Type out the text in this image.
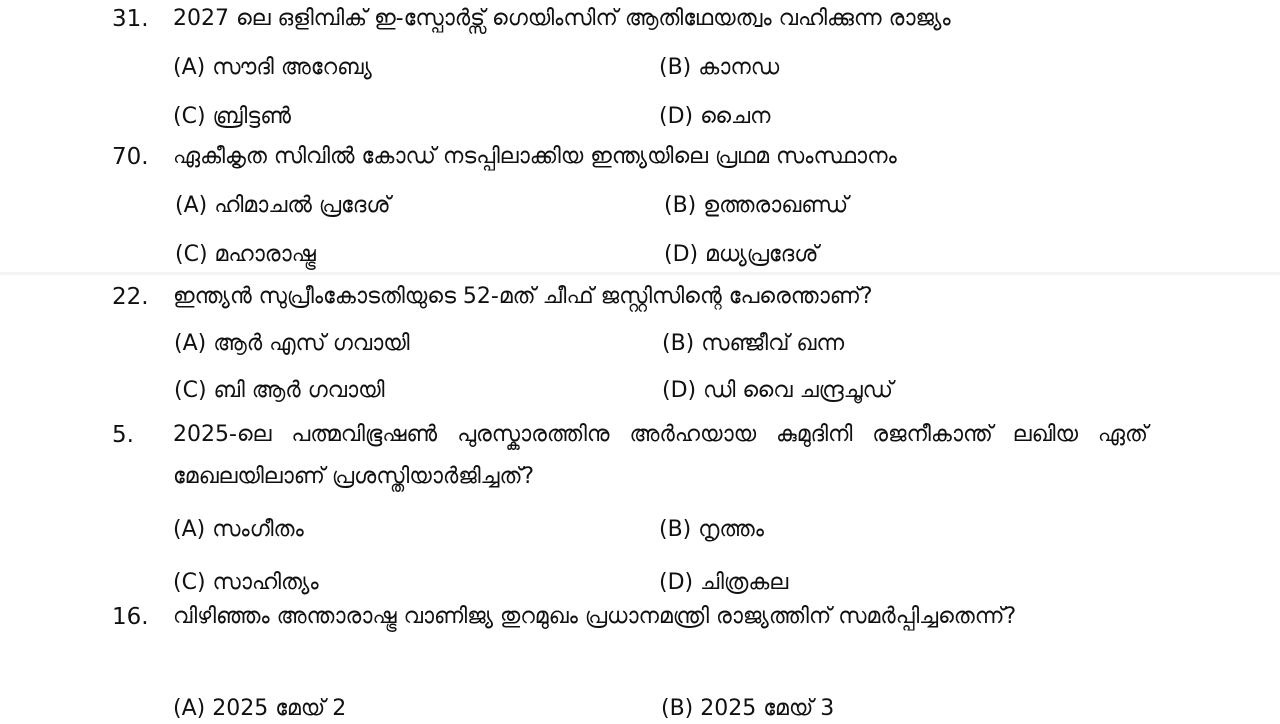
31. 2027 ലെ ഒളിമ്പിക് ഇ-സ്പോർട്സ് ഗെയിംസിന് ആതിഥേയത്വം വഹിക്കുന്ന രാജ്യം
(A) സൗദി അറേബ്യ	(B) കാനഡ
(C) ബ്രിട്ടൺ	(D) ചൈന
70. ഏകീകൃത സിവിൽ കോഡ് നടപ്പിലാക്കിയ ഇന്ത്യയിലെ പ്രഥമ സംസ്ഥാനം
(A) ഹിമാചൽ പ്രദേശ്	(B) ഉത്തരാഖണ്ഡ്
(C) മഹാരാഷ്ട്ര	(D) മധ്യപ്രദേശ്
22. ഇന്ത്യൻ സുപ്രീംകോടതിയുടെ 52-മത് ചീഫ് ജസ്റ്റിസിന്റെ പേരെന്താണ്?
(A) ആർ എസ് ഗവായി	(B) സഞ്ജീവ് ഖന്ന
(C) ബി ആർ ഗവായി	(D) ഡി വൈ ചന്ദ്രചൂഡ്
5. 2025-ലെ പത്മവിഭൂഷൺ പുരസ്കാരത്തിനു അർഹയായ കുമുദിനി രജനീകാന്ത് ലഖിയ ഏത് മേഖലയിലാണ് പ്രശസ്തിയാർജിച്ചത്?
(A) സംഗീതം	(B) നൃത്തം
(C) സാഹിത്യം	(D) ചിത്രകല
16. വിഴിഞ്ഞം അന്താരാഷ്ട്ര വാണിജ്യ തുറമുഖം പ്രധാനമന്ത്രി രാജ്യത്തിന് സമർപ്പിച്ചതെന്ന്?
(A) 2025 മേയ് 2	(B) 2025 മേയ് 3
